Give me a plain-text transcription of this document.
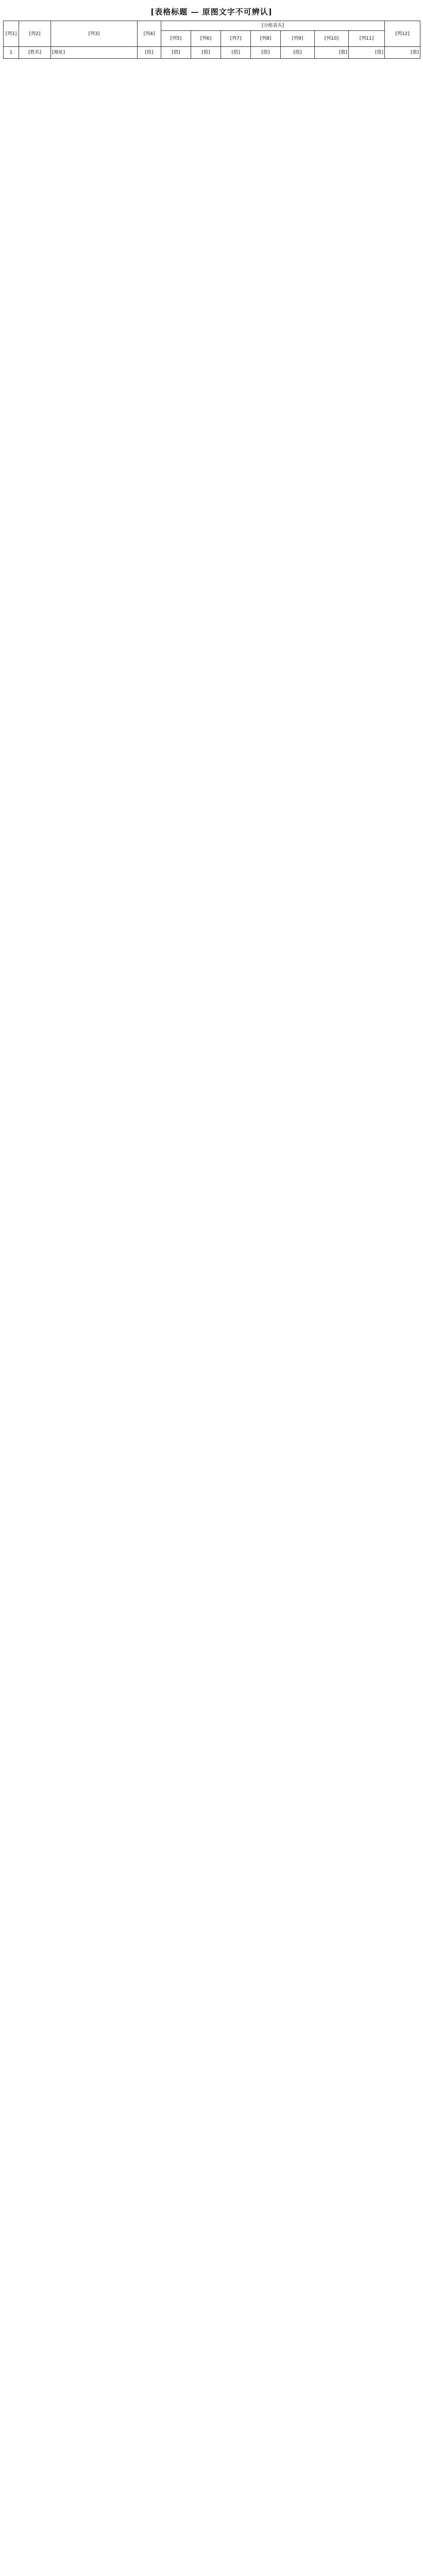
[表格标题 — 原图文字不可辨认]
[列1]	[列2]	[列3]	[列4]	[分组表头]							[列12]
				[列5]	[列6]	[列7]	[列8]	[列9]	[列10]	[列11]	
1	[姓名]	[地址]	[值]	[值]	[值]	[值]	[值]	[值]	[值]	[值]	[值]
